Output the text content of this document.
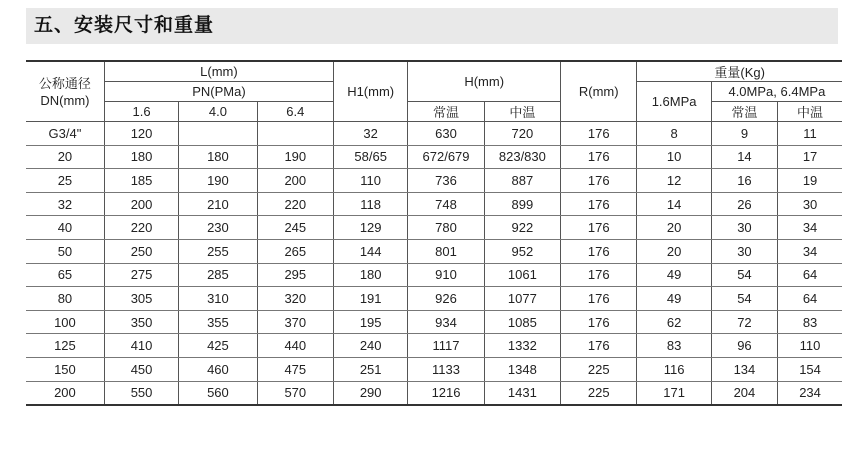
五、安装尺寸和重量
公称通径
DN(mm)	L(mm)			H1(mm)	H(mm)		R(mm)	重量(Kg)		
	PN(PMa)							1.6MPa	4.0MPa, 6.4MPa	
	1.6	4.0	6.4		常温	中温			常温	中温
G3/4"	120			32	630	720	176	8	9	11
20	180	180	190	58/65	672/679	823/830	176	10	14	17
25	185	190	200	110	736	887	176	12	16	19
32	200	210	220	118	748	899	176	14	26	30
40	220	230	245	129	780	922	176	20	30	34
50	250	255	265	144	801	952	176	20	30	34
65	275	285	295	180	910	1061	176	49	54	64
80	305	310	320	191	926	1077	176	49	54	64
100	350	355	370	195	934	1085	176	62	72	83
125	410	425	440	240	1117	1332	176	83	96	110
150	450	460	475	251	1133	1348	225	116	134	154
200	550	560	570	290	1216	1431	225	171	204	234
